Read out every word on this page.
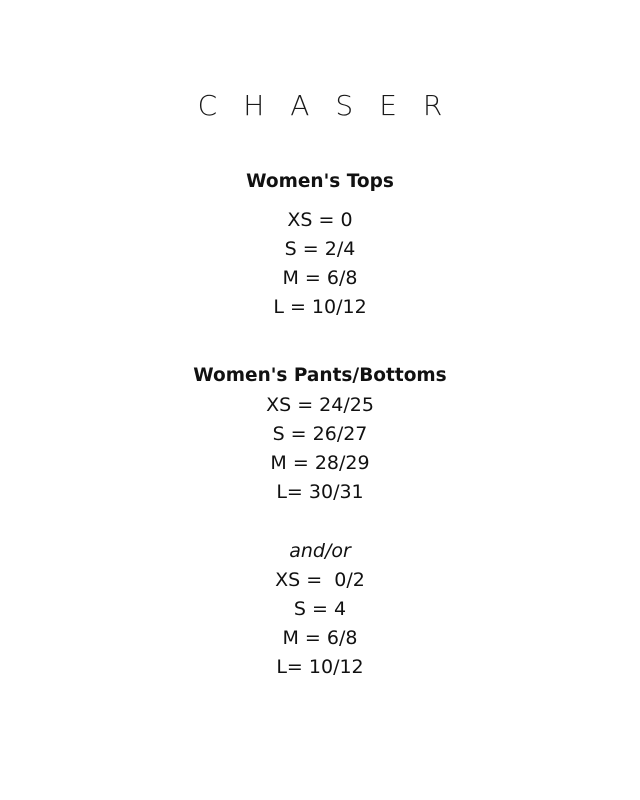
CHASER
Women's Tops
XS = 0
S = 2/4
M = 6/8
L = 10/12
Women's Pants/Bottoms
XS = 24/25
S = 26/27
M = 28/29
L= 30/31
and/or
XS =  0/2
S = 4
M = 6/8
L= 10/12
